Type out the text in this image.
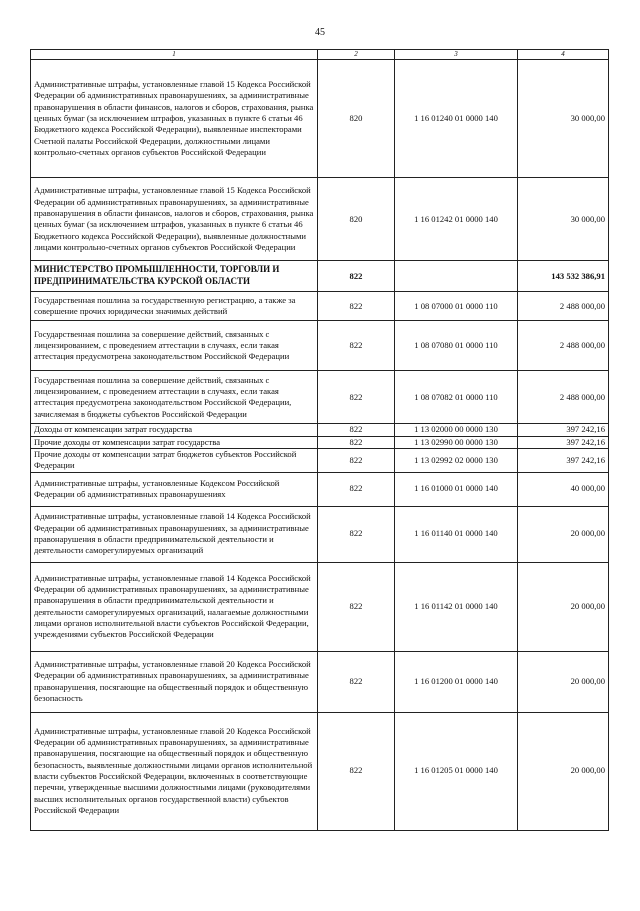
45
1	2	3	4
Административные штрафы, установленные главой 15 Кодекса Российской Федерации об административных правонарушениях, за административные правонарушения в области финансов, налогов и сборов, страхования, рынка ценных бумаг (за исключением штрафов, указанных в пункте 6 статьи 46 Бюджетного кодекса Российской Федерации), выявленные инспекторами Счетной палаты Российской Федерации, должностными лицами контрольно-счетных органов субъектов Российской Федерации	820	1 16 01240 01 0000 140	30 000,00
Административные штрафы, установленные главой 15 Кодекса Российской Федерации об административных правонарушениях, за административные правонарушения в области финансов, налогов и сборов, страхования, рынка ценных бумаг (за исключением штрафов, указанных в пункте 6 статьи 46 Бюджетного кодекса Российской Федерации), выявленные должностными лицами контрольно-счетных органов субъектов Российской Федерации	820	1 16 01242 01 0000 140	30 000,00
МИНИСТЕРСТВО ПРОМЫШЛЕННОСТИ, ТОРГОВЛИ И ПРЕДПРИНИМАТЕЛЬСТВА КУРСКОЙ ОБЛАСТИ	822		143 532 386,91
Государственная пошлина за государственную регистрацию, а также за совершение прочих юридически значимых действий	822	1 08 07000 01 0000 110	2 488 000,00
Государственная пошлина за совершение действий, связанных с лицензированием, с проведением аттестации в случаях, если такая аттестация предусмотрена законодательством Российской Федерации	822	1 08 07080 01 0000 110	2 488 000,00
Государственная пошлина за совершение действий, связанных с лицензированием, с проведением аттестации в случаях, если такая аттестация предусмотрена законодательством Российской Федерации, зачисляемая в бюджеты субъектов Российской Федерации	822	1 08 07082 01 0000 110	2 488 000,00
Доходы от компенсации затрат государства	822	1 13 02000 00 0000 130	397 242,16
Прочие доходы от компенсации затрат государства	822	1 13 02990 00 0000 130	397 242,16
Прочие доходы от компенсации затрат бюджетов субъектов Российской Федерации	822	1 13 02992 02 0000 130	397 242,16
Административные штрафы, установленные Кодексом Российской Федерации об административных правонарушениях	822	1 16 01000 01 0000 140	40 000,00
Административные штрафы, установленные главой 14 Кодекса Российской Федерации об административных правонарушениях, за административные правонарушения в области предпринимательской деятельности и деятельности саморегулируемых организаций	822	1 16 01140 01 0000 140	20 000,00
Административные штрафы, установленные главой 14 Кодекса Российской Федерации об административных правонарушениях, за административные правонарушения в области предпринимательской деятельности и деятельности саморегулируемых организаций, налагаемые должностными лицами органов исполнительной власти субъектов Российской Федерации, учреждениями субъектов Российской Федерации	822	1 16 01142 01 0000 140	20 000,00
Административные штрафы, установленные главой 20 Кодекса Российской Федерации об административных правонарушениях, за административные правонарушения, посягающие на общественный порядок и общественную безопасность	822	1 16 01200 01 0000 140	20 000,00
Административные штрафы, установленные главой 20 Кодекса Российской Федерации об административных правонарушениях, за административные правонарушения, посягающие на общественный порядок и общественную безопасность, выявленные должностными лицами органов исполнительной власти субъектов Российской Федерации, включенных в соответствующие перечни, утвержденные высшими должностными лицами (руководителями высших исполнительных органов государственной власти) субъектов Российской Федерации	822	1 16 01205 01 0000 140	20 000,00
